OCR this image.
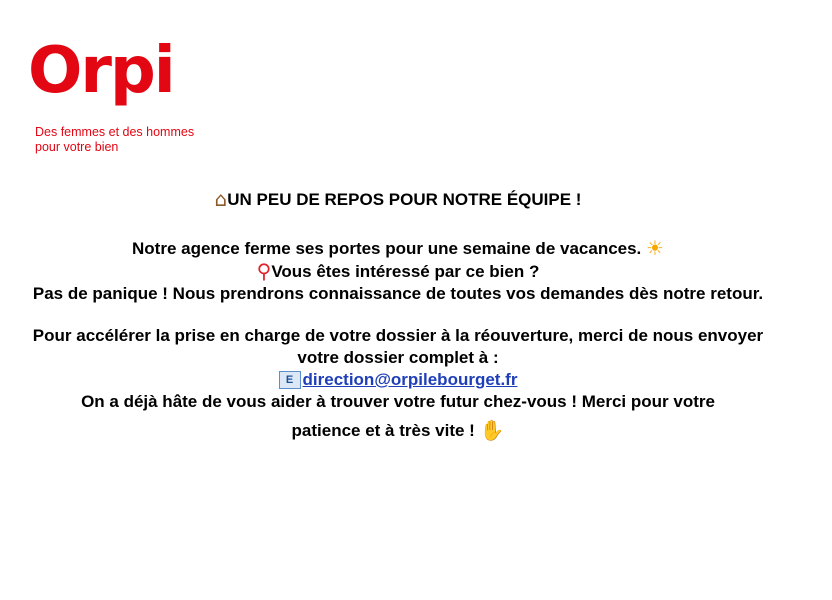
Orpi
Des femmes et des hommes
pour votre bien
⌂UN PEU DE REPOS POUR NOTRE ÉQUIPE !
Notre agence ferme ses portes pour une semaine de vacances. ☀
⚲Vous êtes intéressé par ce bien ?
Pas de panique ! Nous prendrons connaissance de toutes vos demandes dès notre retour.
Pour accélérer la prise en charge de votre dossier à la réouverture, merci de nous envoyer votre dossier complet à :
E direction@orpilebourget.fr
On a déjà hâte de vous aider à trouver votre futur chez-vous ! Merci pour votre
patience et à très vite ! ✋
